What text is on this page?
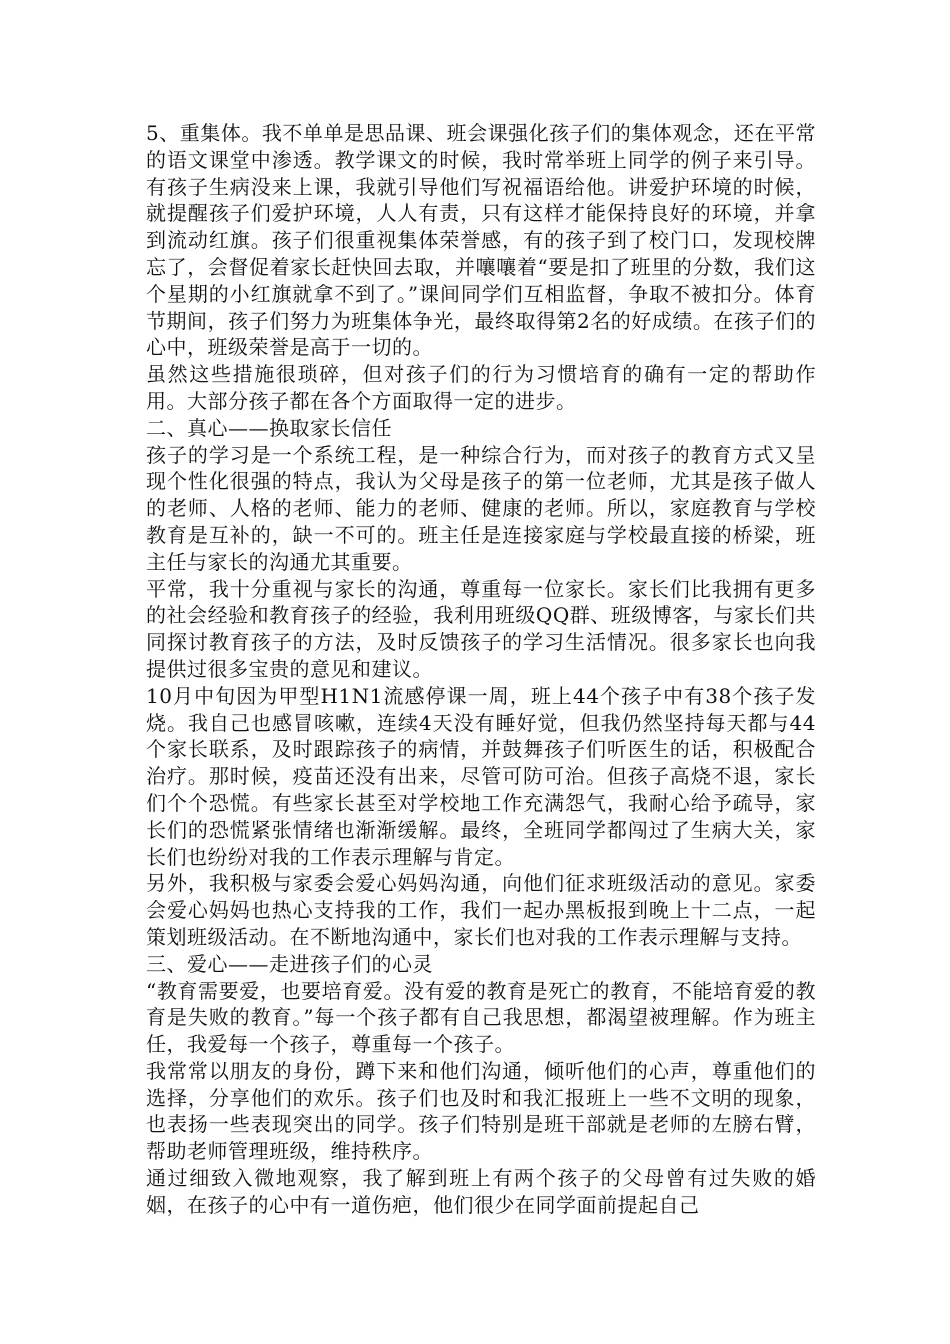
5、重集体。我不单单是思品课、班会课强化孩子们的集体观念，还在平常的语文课堂中渗透。教学课文的时候，我时常举班上同学的例子来引导。有孩子生病没来上课，我就引导他们写祝福语给他。讲爱护环境的时候，就提醒孩子们爱护环境，人人有责，只有这样才能保持良好的环境，并拿到流动红旗。孩子们很重视集体荣誉感，有的孩子到了校门口，发现校牌忘了，会督促着家长赶快回去取，并嚷嚷着“要是扣了班里的分数，我们这个星期的小红旗就拿不到了。”课间同学们互相监督，争取不被扣分。体育节期间，孩子们努力为班集体争光，最终取得第2名的好成绩。在孩子们的心中，班级荣誉是高于一切的。

虽然这些措施很琐碎，但对孩子们的行为习惯培育的确有一定的帮助作用。大部分孩子都在各个方面取得一定的进步。

二、真心——换取家长信任

孩子的学习是一个系统工程，是一种综合行为，而对孩子的教育方式又呈现个性化很强的特点，我认为父母是孩子的第一位老师，尤其是孩子做人的老师、人格的老师、能力的老师、健康的老师。所以，家庭教育与学校教育是互补的，缺一不可的。班主任是连接家庭与学校最直接的桥梁，班主任与家长的沟通尤其重要。

平常，我十分重视与家长的沟通，尊重每一位家长。家长们比我拥有更多的社会经验和教育孩子的经验，我利用班级QQ群、班级博客，与家长们共同探讨教育孩子的方法，及时反馈孩子的学习生活情况。很多家长也向我提供过很多宝贵的意见和建议。

10月中旬因为甲型H1N1流感停课一周，班上44个孩子中有38个孩子发烧。我自己也感冒咳嗽，连续4天没有睡好觉，但我仍然坚持每天都与44个家长联系，及时跟踪孩子的病情，并鼓舞孩子们听医生的话，积极配合治疗。那时候，疫苗还没有出来，尽管可防可治。但孩子高烧不退，家长们个个恐慌。有些家长甚至对学校地工作充满怨气，我耐心给予疏导，家长们的恐慌紧张情绪也渐渐缓解。最终，全班同学都闯过了生病大关，家长们也纷纷对我的工作表示理解与肯定。

另外，我积极与家委会爱心妈妈沟通，向他们征求班级活动的意见。家委会爱心妈妈也热心支持我的工作，我们一起办黑板报到晚上十二点，一起策划班级活动。在不断地沟通中，家长们也对我的工作表示理解与支持。

三、爱心——走进孩子们的心灵

“教育需要爱，也要培育爱。没有爱的教育是死亡的教育，不能培育爱的教育是失败的教育。”每一个孩子都有自己我思想，都渴望被理解。作为班主任，我爱每一个孩子，尊重每一个孩子。

我常常以朋友的身份，蹲下来和他们沟通，倾听他们的心声，尊重他们的选择，分享他们的欢乐。孩子们也及时和我汇报班上一些不文明的现象，也表扬一些表现突出的同学。孩子们特别是班干部就是老师的左膀右臂，帮助老师管理班级，维持秩序。

通过细致入微地观察，我了解到班上有两个孩子的父母曾有过失败的婚姻，在孩子的心中有一道伤疤，他们很少在同学面前提起自己
